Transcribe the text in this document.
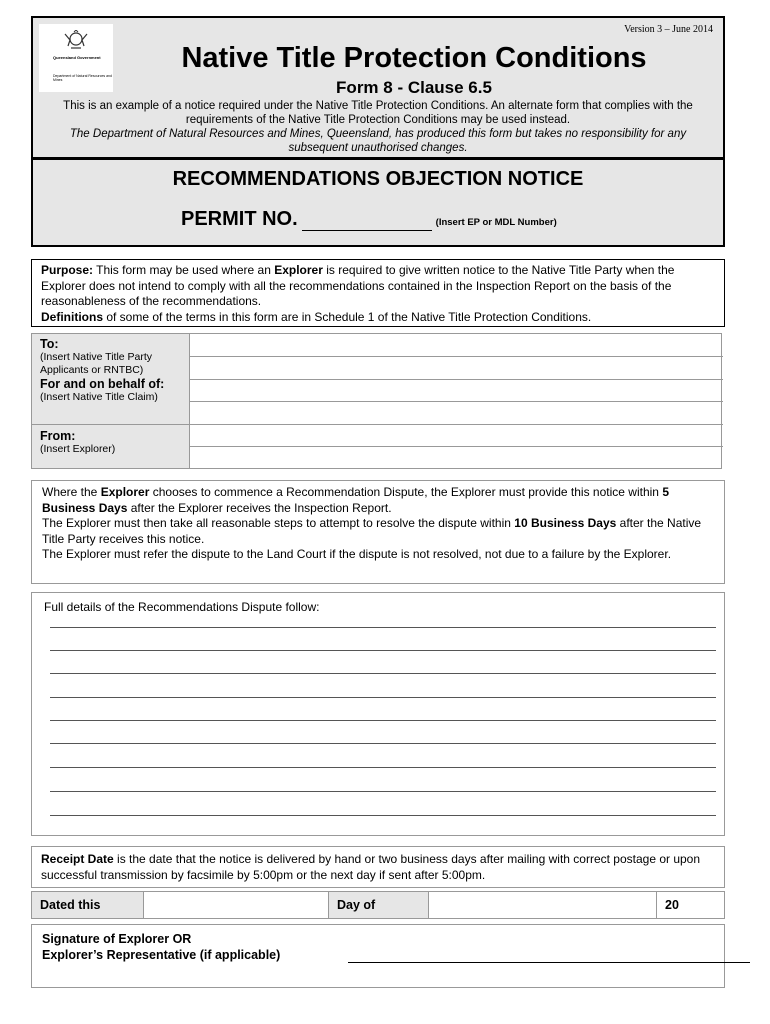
Version 3 – June 2014
Queensland Government
Department of Natural Resources and Mines
Native Title Protection Conditions
Form 8 - Clause 6.5
This is an example of a notice required under the Native Title Protection Conditions. An alternate form that complies with the requirements of the Native Title Protection Conditions may be used instead.
The Department of Natural Resources and Mines, Queensland, has produced this form but takes no responsibility for any subsequent unauthorised changes.
RECOMMENDATIONS OBJECTION NOTICE
PERMIT NO.	(Insert EP or MDL Number)
Purpose: This form may be used where an Explorer is required to give written notice to the Native Title Party when the Explorer does not intend to comply with all the recommendations contained in the Inspection Report on the basis of the reasonableness of the recommendations.
Definitions of some of the terms in this form are in Schedule 1 of the Native Title Protection Conditions.
To:
(Insert Native Title Party Applicants or RNTBC)
For and on behalf of:
(Insert Native Title Claim)
From:
(Insert Explorer)
Where the Explorer chooses to commence a Recommendation Dispute, the Explorer must provide this notice within 5 Business Days after the Explorer receives the Inspection Report.
The Explorer must then take all reasonable steps to attempt to resolve the dispute within 10 Business Days after the Native Title Party receives this notice.
The Explorer must refer the dispute to the Land Court if the dispute is not resolved, not due to a failure by the Explorer.
Full details of the Recommendations Dispute follow:
Receipt Date is the date that the notice is delivered by hand or two business days after mailing with correct postage or upon successful transmission by facsimile by 5:00pm or the next day if sent after 5:00pm.
Dated this	Day of	20
Signature of Explorer OR
Explorer’s Representative (if applicable)
